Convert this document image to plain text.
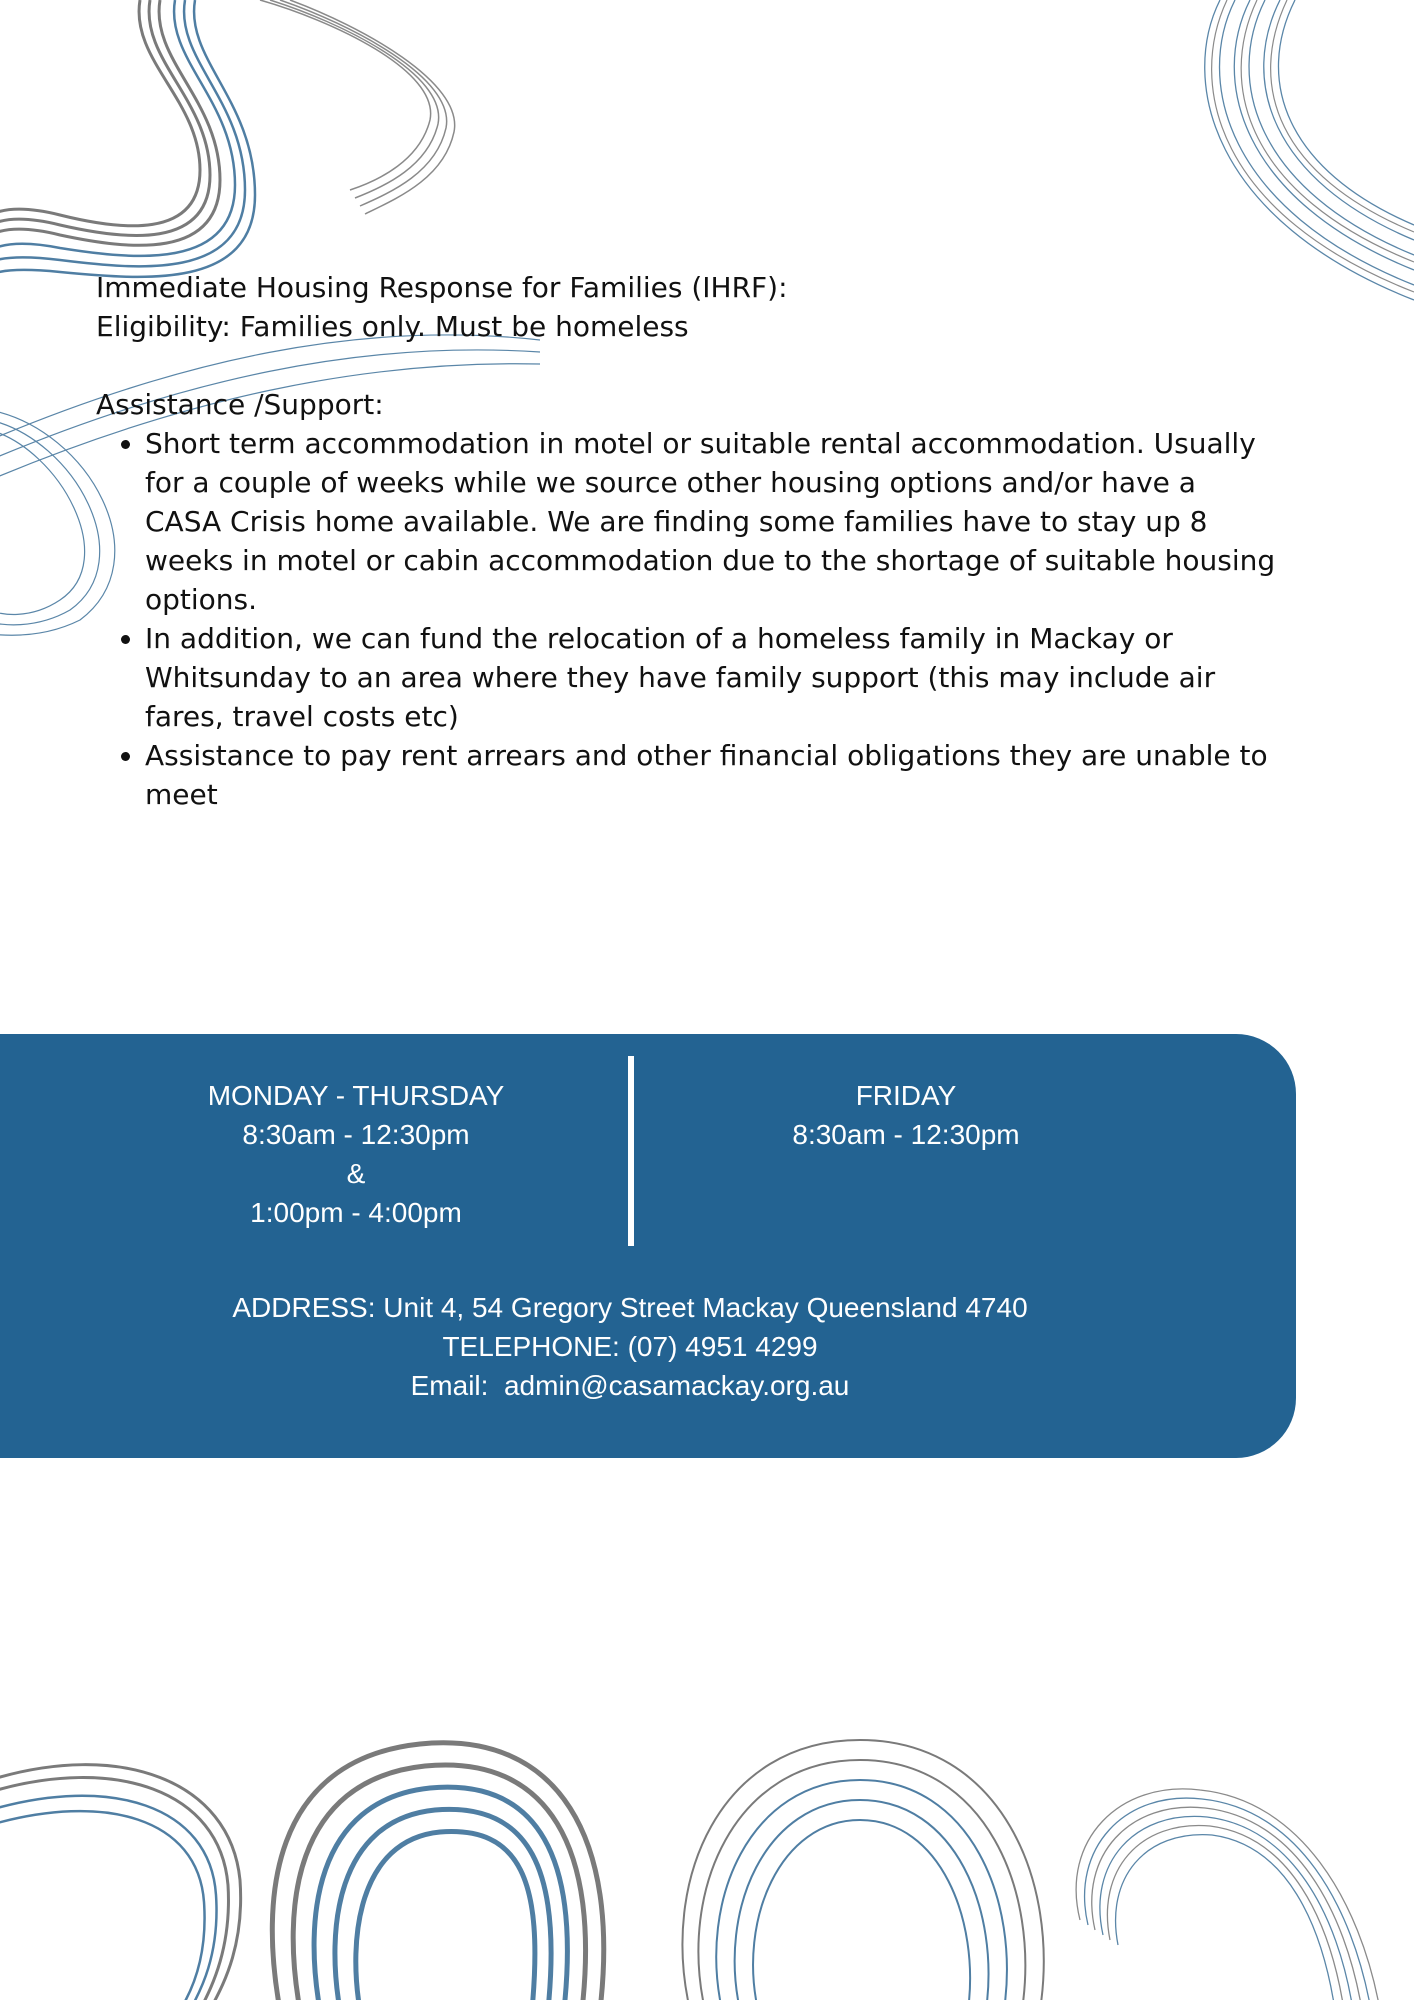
Immediate Housing Response for Families (IHRF):

Eligibility: Families only. Must be homeless

Assistance /Support:

• Short term accommodation in motel or suitable rental accommodation. Usually for a couple of weeks while we source other housing options and/or have a CASA Crisis home available. We are finding some families have to stay up 8 weeks in motel or cabin accommodation due to the shortage of suitable housing options.
• In addition, we can fund the relocation of a homeless family in Mackay or Whitsunday to an area where they have family support (this may include air fares, travel costs etc)
• Assistance to pay rent arrears and other financial obligations they are unable to meet
MONDAY - THURSDAY
8:30am - 12:30pm
&
1:00pm - 4:00pm
FRIDAY
8:30am - 12:30pm
ADDRESS: Unit 4, 54 Gregory Street Mackay Queensland 4740
TELEPHONE: (07) 4951 4299
Email:  admin@casamackay.org.au
